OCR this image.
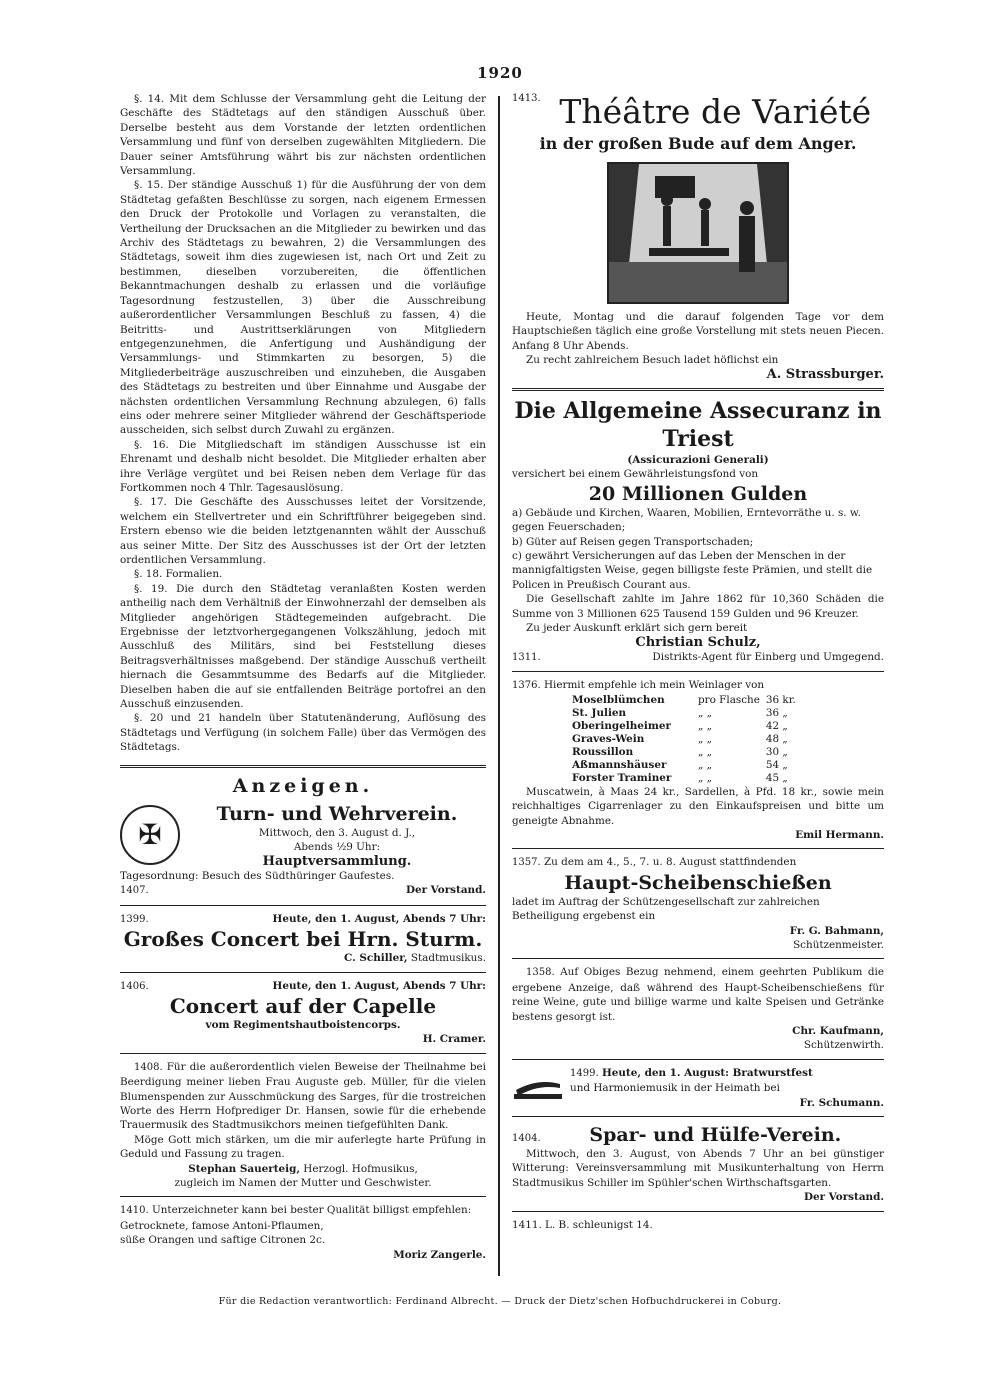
1920

§. 14. Mit dem Schlusse der Versammlung geht die Leitung der Geschäfte des Städtetags auf den ständigen Ausschuß über. Derselbe besteht aus dem Vorstande der letzten ordentlichen Versammlung und fünf von derselben zugewählten Mitgliedern. Die Dauer seiner Amtsführung währt bis zur nächsten ordentlichen Versammlung.

§. 15. Der ständige Ausschuß 1) für die Ausführung der von dem Städtetag gefaßten Beschlüsse zu sorgen, nach eigenem Ermessen den Druck der Protokolle und Vorlagen zu veranstalten, die Vertheilung der Drucksachen an die Mitglieder zu bewirken und das Archiv des Städtetags zu bewahren, 2) die Versammlungen des Städtetags, soweit ihm dies zugewiesen ist, nach Ort und Zeit zu bestimmen, dieselben vorzubereiten, die öffentlichen Bekanntmachungen deshalb zu erlassen und die vorläufige Tagesordnung festzustellen, 3) über die Ausschreibung außerordentlicher Versammlungen Beschluß zu fassen, 4) die Beitritts- und Austrittserklärungen von Mitgliedern entgegenzunehmen, die Anfertigung und Aushändigung der Versammlungs- und Stimmkarten zu besorgen, 5) die Mitgliederbeiträge auszuschreiben und einzuheben, die Ausgaben des Städtetags zu bestreiten und über Einnahme und Ausgabe der nächsten ordentlichen Versammlung Rechnung abzulegen, 6) falls eins oder mehrere seiner Mitglieder während der Geschäftsperiode ausscheiden, sich selbst durch Zuwahl zu ergänzen.

§. 16. Die Mitgliedschaft im ständigen Ausschusse ist ein Ehrenamt und deshalb nicht besoldet. Die Mitglieder erhalten aber ihre Verläge vergütet und bei Reisen neben dem Verlage für das Fortkommen noch 4 Thlr. Tagesauslösung.

§. 17. Die Geschäfte des Ausschusses leitet der Vorsitzende, welchem ein Stellvertreter und ein Schriftführer beigegeben sind. Erstern ebenso wie die beiden letztgenannten wählt der Ausschuß aus seiner Mitte. Der Sitz des Ausschusses ist der Ort der letzten ordentlichen Versammlung.

§. 18. Formalien.

§. 19. Die durch den Städtetag veranlaßten Kosten werden antheilig nach dem Verhältniß der Einwohnerzahl der demselben als Mitglieder angehörigen Städtegemeinden aufgebracht. Die Ergebnisse der letztvorhergegangenen Volkszählung, jedoch mit Ausschluß des Militärs, sind bei Feststellung dieses Beitragsverhältnisses maßgebend. Der ständige Ausschuß vertheilt hiernach die Gesammtsumme des Bedarfs auf die Mitglieder. Dieselben haben die auf sie entfallenden Beiträge portofrei an den Ausschuß einzusenden.

§. 20 und 21 handeln über Statutenänderung, Auflösung des Städtetags und Verfügung (in solchem Falle) über das Vermögen des Städtetags.

Anzeigen.
✠
Turn- und Wehrverein.
Mittwoch, den 3. August d. J.,
Abends ½9 Uhr:
Hauptversammlung.
Tagesordnung: Besuch des Südthüringer Gaufestes.
1407.	Der Vorstand.
1399.	Heute, den 1. August, Abends 7 Uhr:
Großes Concert bei Hrn. Sturm.
C. Schiller, Stadtmusikus.
1406.	Heute, den 1. August, Abends 7 Uhr:
Concert auf der Capelle
vom Regimentshautboistencorps.
H. Cramer.

1408. Für die außerordentlich vielen Beweise der Theilnahme bei Beerdigung meiner lieben Frau Auguste geb. Müller, für die vielen Blumenspenden zur Ausschmückung des Sarges, für die trostreichen Worte des Herrn Hofprediger Dr. Hansen, sowie für die erhebende Trauermusik des Stadtmusikchors meinen tiefgefühlten Dank.

Möge Gott mich stärken, um die mir auferlegte harte Prüfung in Geduld und Fassung zu tragen.

Stephan Sauerteig, Herzogl. Hofmusikus,
zugleich im Namen der Mutter und Geschwister.
1410. Unterzeichneter kann bei bester Qualität billigst empfehlen:
Getrocknete, famose Antoni-Pflaumen,
süße Orangen und saftige Citronen 2c.
Moriz Zangerle.
1413. Théâtre de Variété
in der großen Bude auf dem Anger.

Heute, Montag und die darauf folgenden Tage vor dem Hauptschießen täglich eine große Vorstellung mit stets neuen Piecen. Anfang 8 Uhr Abends.

Zu recht zahlreichem Besuch ladet höflichst ein

A. Strassburger.
Die Allgemeine Assecuranz in Triest
(Assicurazioni Generali)
versichert bei einem Gewährleistungsfond von
20 Millionen Gulden
a) Gebäude und Kirchen, Waaren, Mobilien, Erntevorräthe u. s. w. gegen Feuerschaden;
b) Güter auf Reisen gegen Transportschaden;
c) gewährt Versicherungen auf das Leben der Menschen in der mannigfaltigsten Weise, gegen billigste feste Prämien, und stellt die Policen in Preußisch Courant aus.

Die Gesellschaft zahlte im Jahre 1862 für 10,360 Schäden die Summe von 3 Millionen 625 Tausend 159 Gulden und 96 Kreuzer.

Zu jeder Auskunft erklärt sich gern bereit

Christian Schulz,
1311.	Distrikts-Agent für Einberg und Umgegend.
1376. Hiermit empfehle ich mein Weinlager von
Moselblümchen	pro Flasche	36 kr.
St. Julien	„ „	36 „
Oberingelheimer	„ „	42 „
Graves-Wein	„ „	48 „
Roussillon	„ „	30 „
Aßmannshäuser	„ „	54 „
Forster Traminer	„ „	45 „

Muscatwein, à Maas 24 kr., Sardellen, à Pfd. 18 kr., sowie mein reichhaltiges Cigarrenlager zu den Einkaufspreisen und bitte um geneigte Abnahme.

Emil Hermann.
1357. Zu dem am 4., 5., 7. u. 8. August stattfindenden
Haupt-Scheibenschießen
ladet im Auftrag der Schützengesellschaft zur zahlreichen Betheiligung ergebenst ein
Fr. G. Bahmann,
Schützenmeister.

1358. Auf Obiges Bezug nehmend, einem geehrten Publikum die ergebene Anzeige, daß während des Haupt-Scheibenschießens für reine Weine, gute und billige warme und kalte Speisen und Getränke bestens gesorgt ist.

Chr. Kaufmann,
Schützenwirth.
1499. Heute, den 1. August: Bratwurstfest
und Harmoniemusik in der Heimath bei
Fr. Schumann.
1404.	Spar- und Hülfe-Verein.

Mittwoch, den 3. August, von Abends 7 Uhr an bei günstiger Witterung: Vereinsversammlung mit Musikunterhaltung von Herrn Stadtmusikus Schiller im Spühler'schen Wirthschaftsgarten.

Der Vorstand.
1411. L. B. schleunigst 14.
Für die Redaction verantwortlich: Ferdinand Albrecht. — Druck der Dietz'schen Hofbuchdruckerei in Coburg.
